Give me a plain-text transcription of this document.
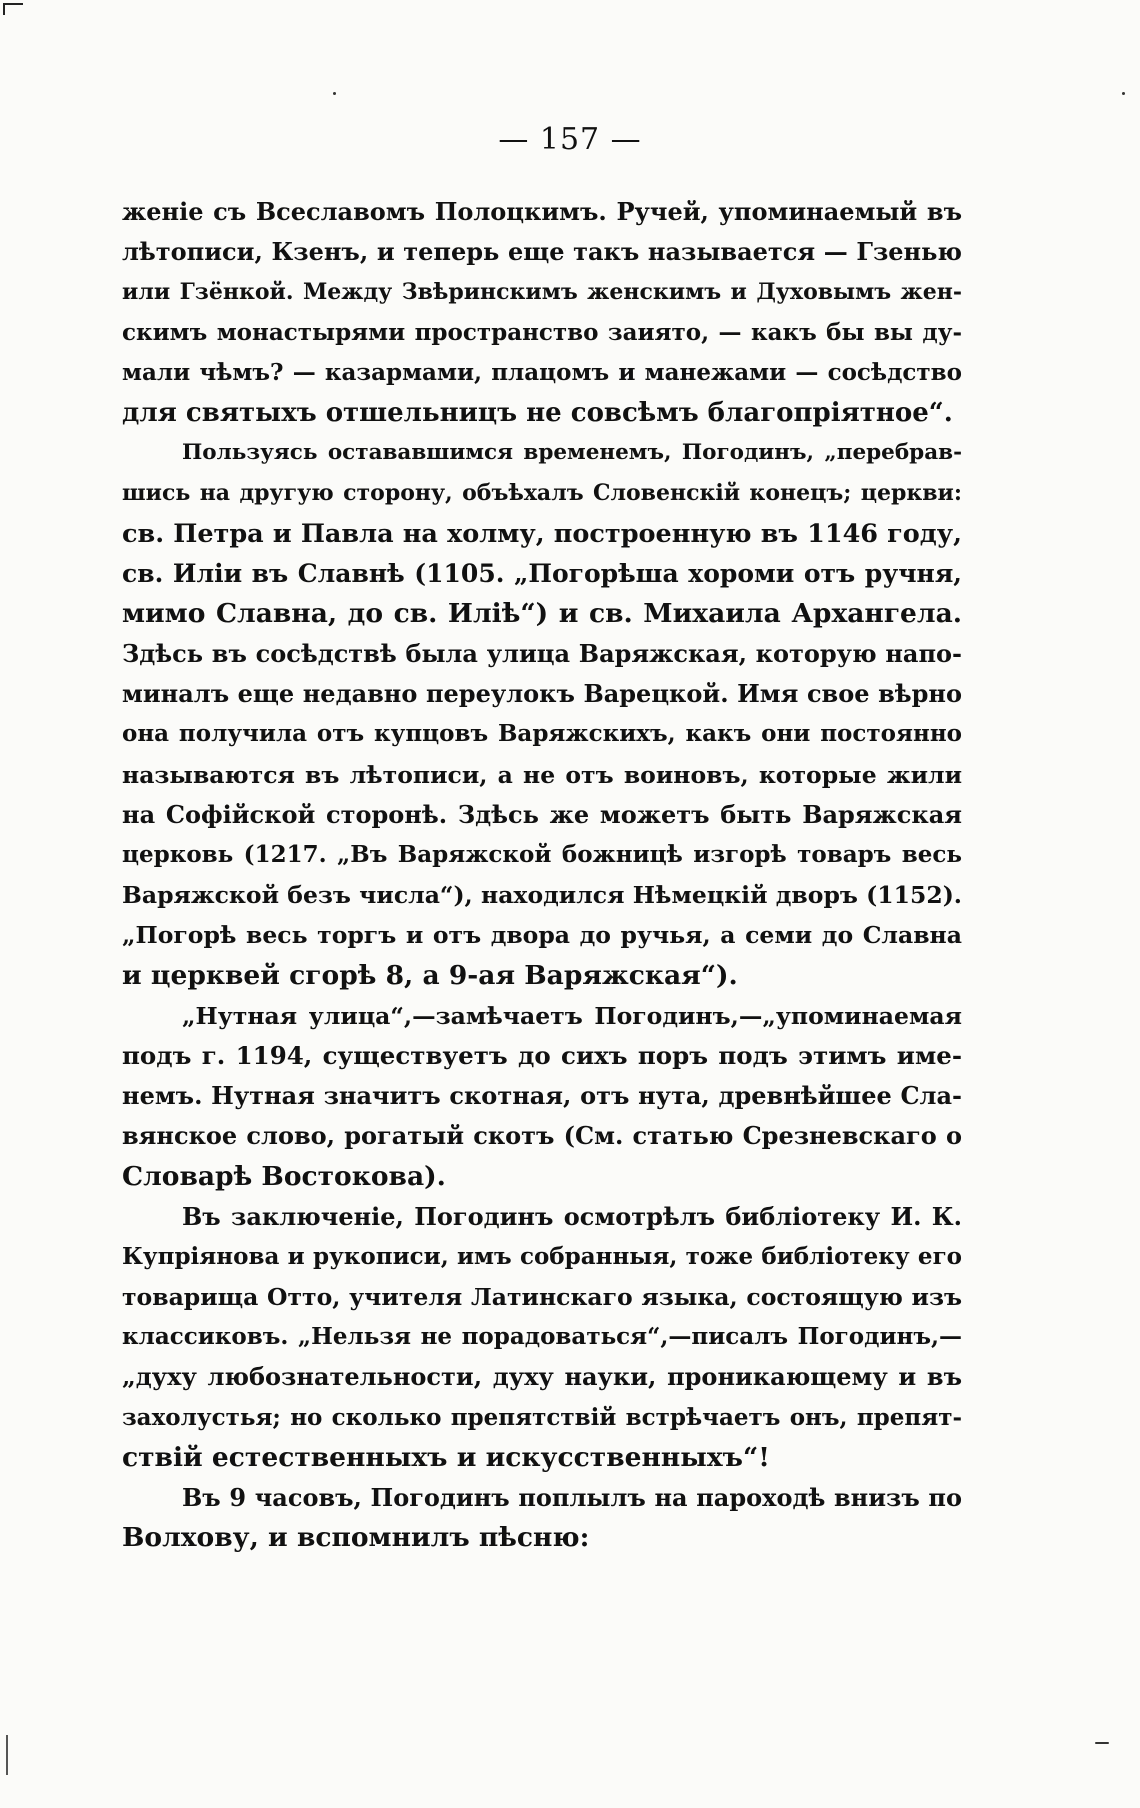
— 157 —
женіе съ Всеславомъ Полоцкимъ. Ручей, упоминаемый въ
лѣтописи, Кзенъ, и теперь еще такъ называется — Гзенью
или Гзёнкой. Между Звѣринскимъ женскимъ и Духовымъ жен-
скимъ монастырями пространство заиято, — какъ бы вы ду-
мали чѣмъ? — казармами, плацомъ и манежами — сосѣдство
для святыхъ отшельницъ не совсѣмъ благопріятное“.
Пользуясь остававшимся временемъ, Погодинъ, „перебрав-
шись на другую сторону, объѣхалъ Словенскій конецъ; церкви:
св. Петра и Павла на холму, построенную въ 1146 году,
св. Иліи въ Славнѣ (1105. „Погорѣша хороми отъ ручня,
мимо Славна, до св. Иліѣ“) и св. Михаила Архангела.
Здѣсь въ сосѣдствѣ была улица Варяжская, которую напо-
миналъ еще недавно переулокъ Варецкой. Имя свое вѣрно
она получила отъ купцовъ Варяжскихъ, какъ они постоянно
называются въ лѣтописи, а не отъ воиновъ, которые жили
на Софійской сторонѣ. Здѣсь же можетъ быть Варяжская
церковь (1217. „Въ Варяжской божницѣ изгорѣ товаръ весь
Варяжской безъ числа“), находился Нѣмецкій дворъ (1152).
„Погорѣ весь торгъ и отъ двора до ручья, а семи до Славна
и церквей сгорѣ 8, а 9-ая Варяжская“).
„Нутная улица“,—замѣчаетъ Погодинъ,—„упоминаемая
подъ г. 1194, существуетъ до сихъ поръ подъ этимъ име-
немъ. Нутная значитъ скотная, отъ нута, древнѣйшее Сла-
вянское слово, рогатый скотъ (См. статью Срезневскаго о
Словарѣ Востокова).
Въ заключеніе, Погодинъ осмотрѣлъ библіотеку И. К.
Купріянова и рукописи, имъ собранныя, тоже библіотеку его
товарища Отто, учителя Латинскаго языка, состоящую изъ
классиковъ. „Нельзя не порадоваться“,—писалъ Погодинъ,—
„духу любознательности, духу науки, проникающему и въ
захолустья; но сколько препятствій встрѣчаетъ онъ, препят-
ствій естественныхъ и искусственныхъ“!
Въ 9 часовъ, Погодинъ поплылъ на пароходѣ внизъ по
Волхову, и вспомнилъ пѣсню:
